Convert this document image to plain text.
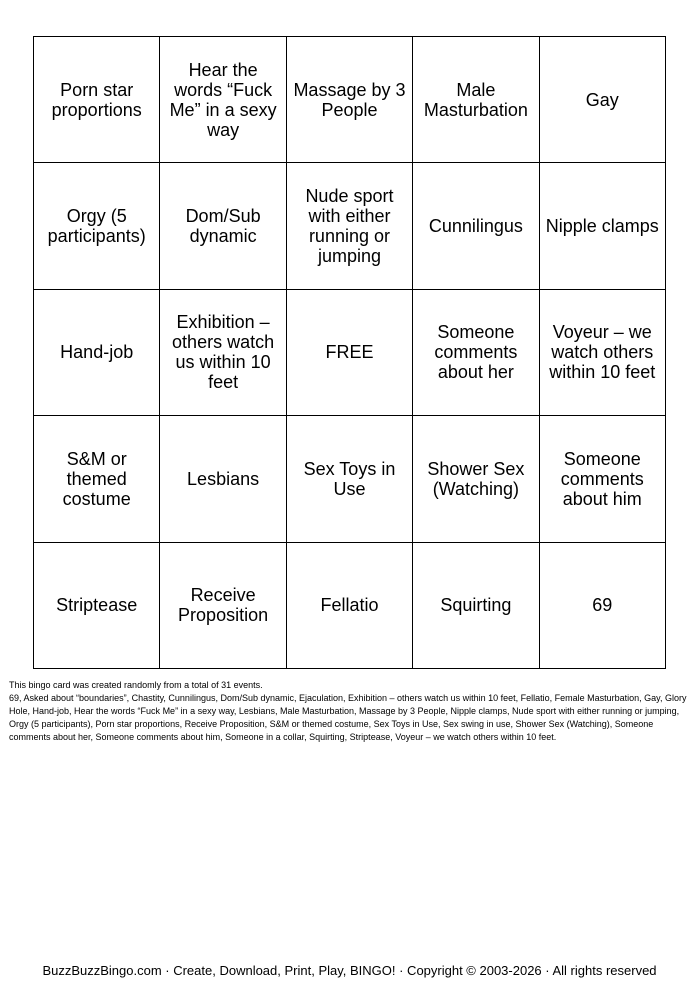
Porn star proportions	Hear the words “Fuck Me” in a sexy way	Massage by 3 People	Male Masturbation	Gay
Orgy (5 participants)	Dom/Sub dynamic	Nude sport with either running or jumping	Cunnilingus	Nipple clamps
Hand-job	Exhibition – others watch us within 10 feet	FREE	Someone comments about her	Voyeur – we watch others within 10 feet
S&M or themed costume	Lesbians	Sex Toys in Use	Shower Sex (Watching)	Someone comments about him
Striptease	Receive Proposition	Fellatio	Squirting	69

This bingo card was created randomly from a total of 31 events.

69, Asked about “boundaries”, Chastity, Cunnilingus, Dom/Sub dynamic, Ejaculation, Exhibition – others watch us within 10 feet, Fellatio, Female Masturbation, Gay, Glory Hole, Hand-job, Hear the words “Fuck Me” in a sexy way, Lesbians, Male Masturbation, Massage by 3 People, Nipple clamps, Nude sport with either running or jumping, Orgy (5 participants), Porn star proportions, Receive Proposition, S&M or themed costume, Sex Toys in Use, Sex swing in use, Shower Sex (Watching), Someone comments about her, Someone comments about him, Someone in a collar, Squirting, Striptease, Voyeur – we watch others within 10 feet.

BuzzBuzzBingo.com · Create, Download, Print, Play, BINGO! · Copyright © 2003-2026 · All rights reserved
